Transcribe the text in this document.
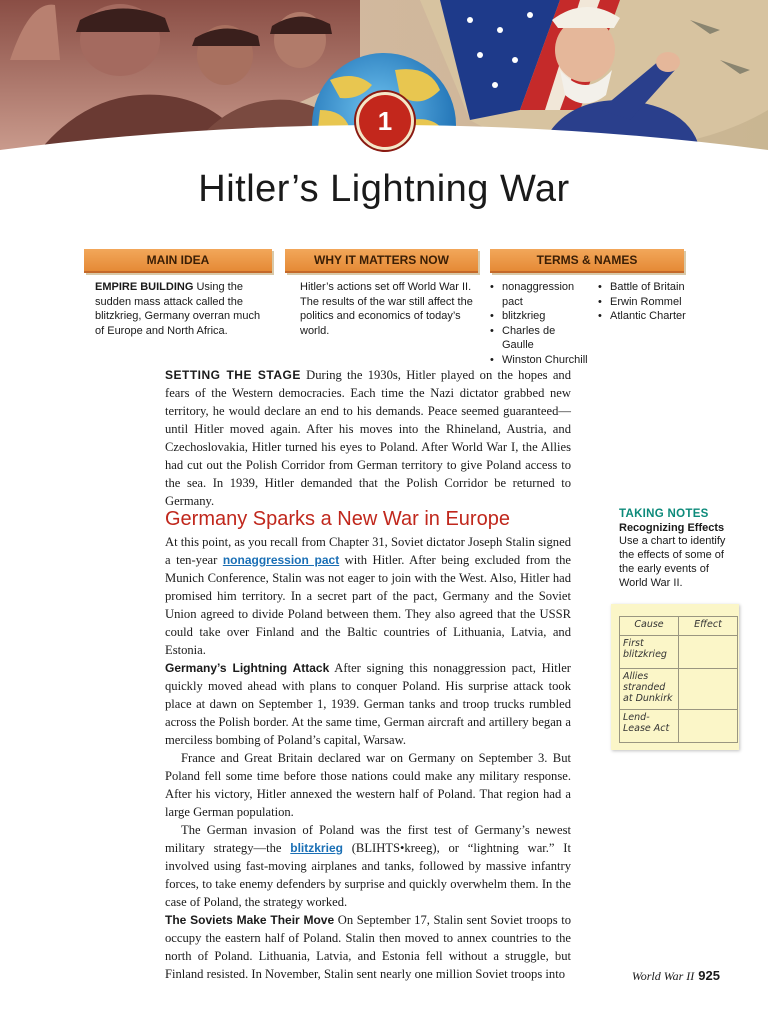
1
Hitler’s Lightning War
MAIN IDEA	WHY IT MATTERS NOW	TERMS & NAMES
EMPIRE BUILDING Using the sudden mass attack called the blitzkrieg, Germany overran much of Europe and North Africa.
Hitler’s actions set off World War II. The results of the war still affect the politics and economics of today’s world.
• nonaggression pact
• blitzkrieg
• Charles de Gaulle
• Winston Churchill
• Battle of Britain
• Erwin Rommel
• Atlantic Charter

SETTING THE STAGE During the 1930s, Hitler played on the hopes and fears of the Western democracies. Each time the Nazi dictator grabbed new territory, he would declare an end to his demands. Peace seemed guaranteed—until Hitler moved again. After his moves into the Rhineland, Austria, and Czechoslovakia, Hitler turned his eyes to Poland. After World War I, the Allies had cut out the Polish Corridor from German territory to give Poland access to the sea. In 1939, Hitler demanded that the Polish Corridor be returned to Germany.

Germany Sparks a New War in Europe

At this point, as you recall from Chapter 31, Soviet dictator Joseph Stalin signed a ten-year nonaggression pact with Hitler. After being excluded from the Munich Conference, Stalin was not eager to join with the West. Also, Hitler had promised him territory. In a secret part of the pact, Germany and the Soviet Union agreed to divide Poland between them. They also agreed that the USSR could take over Finland and the Baltic countries of Lithuania, Latvia, and Estonia.

Germany’s Lightning Attack After signing this nonaggression pact, Hitler quickly moved ahead with plans to conquer Poland. His surprise attack took place at dawn on September 1, 1939. German tanks and troop trucks rumbled across the Polish border. At the same time, German aircraft and artillery began a merciless bombing of Poland’s capital, Warsaw.

France and Great Britain declared war on Germany on September 3. But Poland fell some time before those nations could make any military response. After his victory, Hitler annexed the western half of Poland. That region had a large German population.

The German invasion of Poland was the first test of Germany’s newest military strategy—the blitzkrieg (BLIHTS•kreeg), or “lightning war.” It involved using fast-moving airplanes and tanks, followed by massive infantry forces, to take enemy defenders by surprise and quickly overwhelm them. In the case of Poland, the strategy worked.

The Soviets Make Their Move On September 17, Stalin sent Soviet troops to occupy the eastern half of Poland. Stalin then moved to annex countries to the north of Poland. Lithuania, Latvia, and Estonia fell without a struggle, but Finland resisted. In November, Stalin sent nearly one million Soviet troops into

TAKING NOTES
Recognizing Effects
Use a chart to identify the effects of some of the early events of World War II.
Cause	Effect
First blitzkrieg	
Allies stranded at Dunkirk	
Lend-Lease Act	
World War II 925
